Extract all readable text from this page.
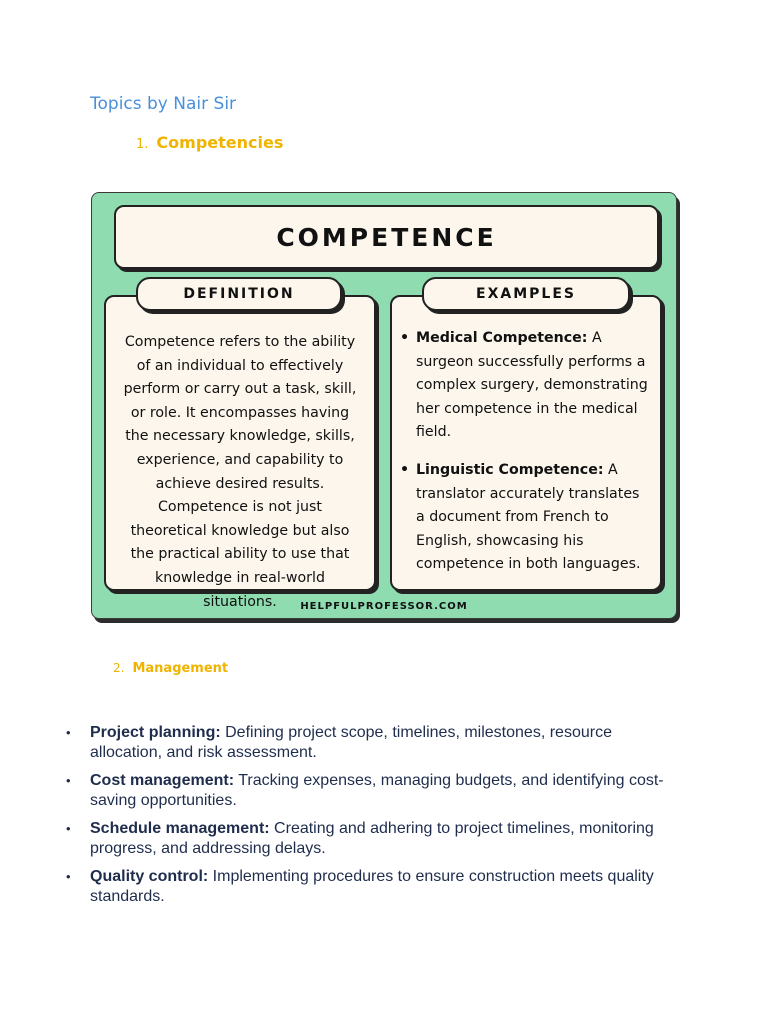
Topics by Nair Sir
1. Competencies
COMPETENCE
DEFINITION
Competence refers to the ability of an individual to effectively perform or carry out a task, skill, or role. It encompasses having the necessary knowledge, skills, experience, and capability to achieve desired results. Competence is not just theoretical knowledge but also the practical ability to use that knowledge in real-world situations.
EXAMPLES
• Medical Competence: A surgeon successfully performs a complex surgery, demonstrating her competence in the medical field.
• Linguistic Competence: A translator accurately translates a document from French to English, showcasing his competence in both languages.
HELPFULPROFESSOR.COM
2. Management
• Project planning: Defining project scope, timelines, milestones, resource allocation, and risk assessment.
• Cost management: Tracking expenses, managing budgets, and identifying cost-saving opportunities.
• Schedule management: Creating and adhering to project timelines, monitoring progress, and addressing delays.
• Quality control: Implementing procedures to ensure construction meets quality standards.
